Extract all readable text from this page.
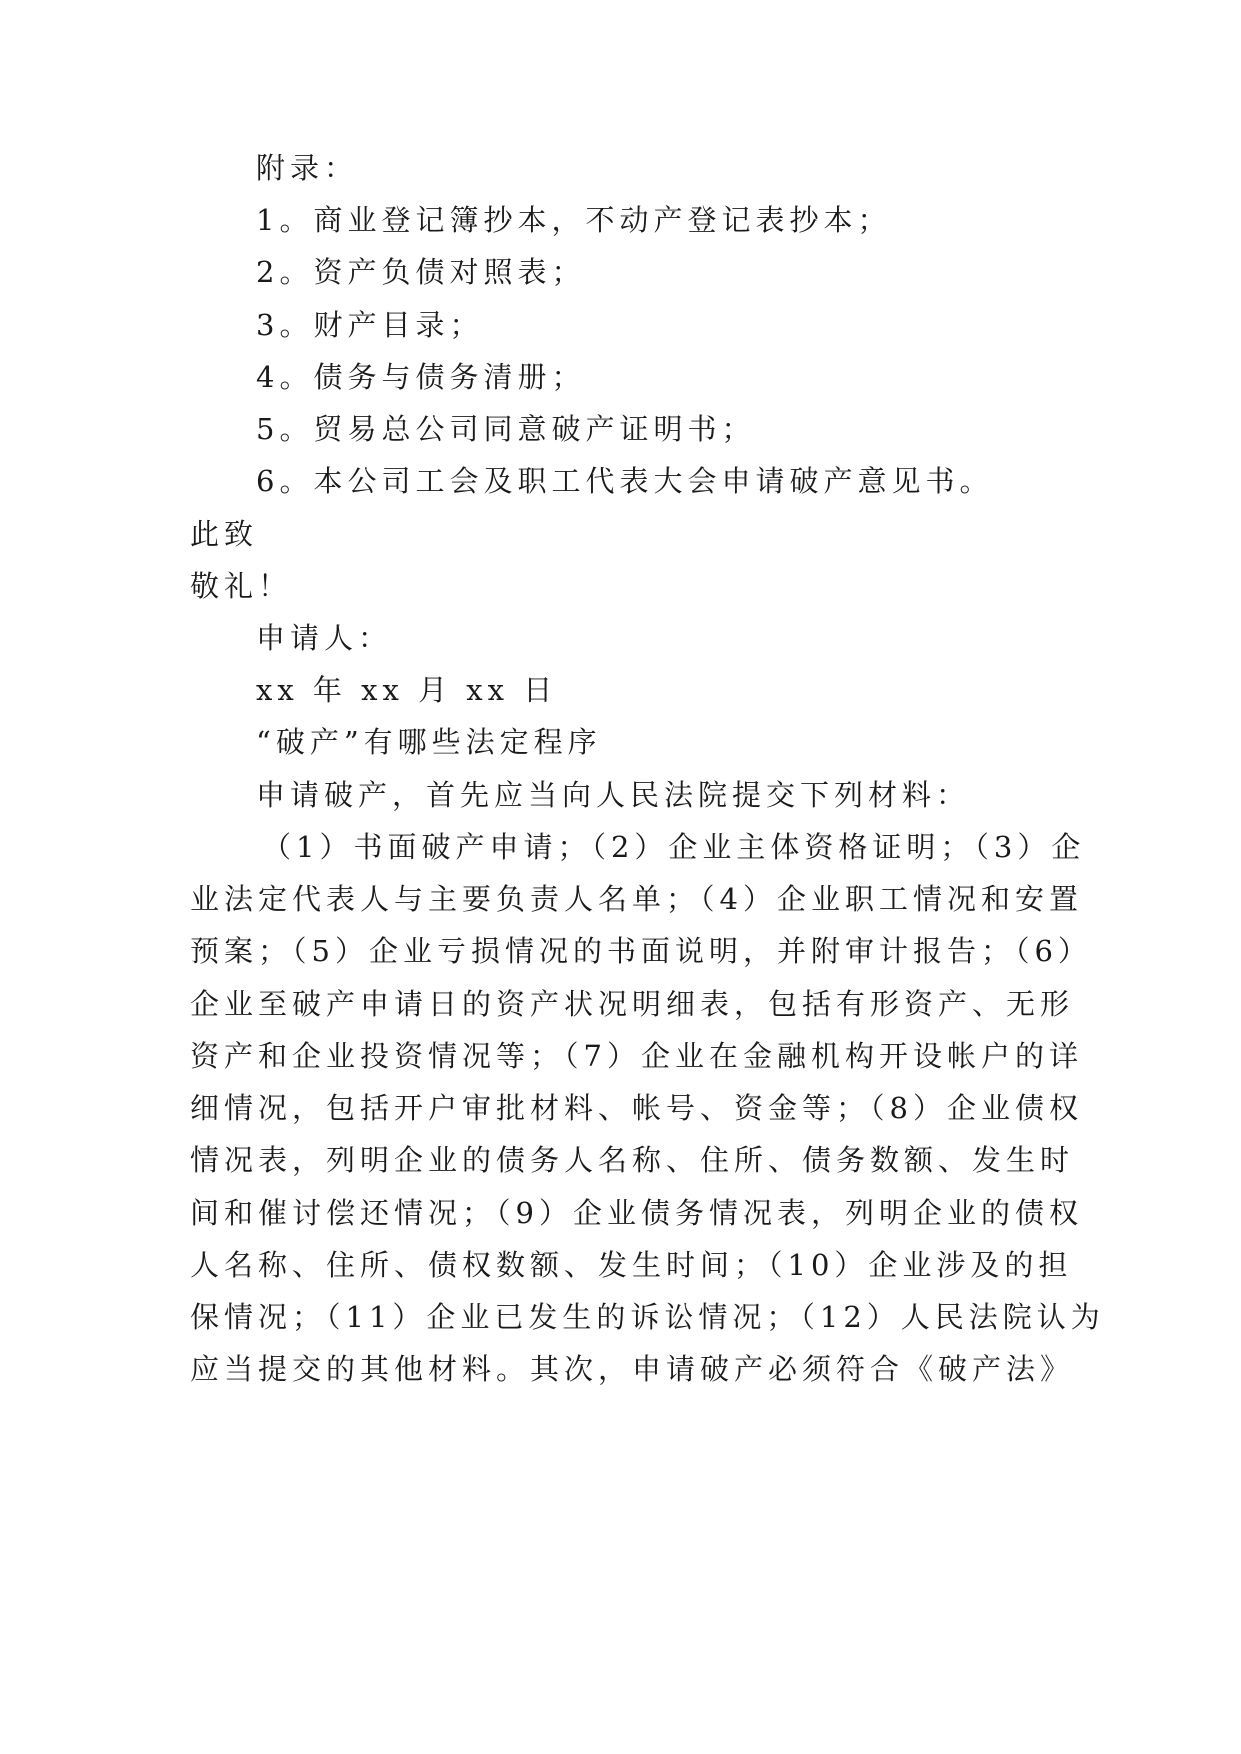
附录：
1。商业登记簿抄本，不动产登记表抄本；
2。资产负债对照表；
3。财产目录；
4。债务与债务清册；
5。贸易总公司同意破产证明书；
6。本公司工会及职工代表大会申请破产意见书。
此致
敬礼！
申请人：
xx 年 xx 月 xx 日
“破产”有哪些法定程序
申请破产，首先应当向人民法院提交下列材料：
（1）书面破产申请；（2）企业主体资格证明；（3）企
业法定代表人与主要负责人名单；（4）企业职工情况和安置
预案；（5）企业亏损情况的书面说明，并附审计报告；（6）
企业至破产申请日的资产状况明细表，包括有形资产、无形
资产和企业投资情况等；（7）企业在金融机构开设帐户的详
细情况，包括开户审批材料、帐号、资金等；（8）企业债权
情况表，列明企业的债务人名称、住所、债务数额、发生时
间和催讨偿还情况；（9）企业债务情况表，列明企业的债权
人名称、住所、债权数额、发生时间；（10）企业涉及的担
保情况；（11）企业已发生的诉讼情况；（12）人民法院认为
应当提交的其他材料。其次，申请破产必须符合《破产法》
